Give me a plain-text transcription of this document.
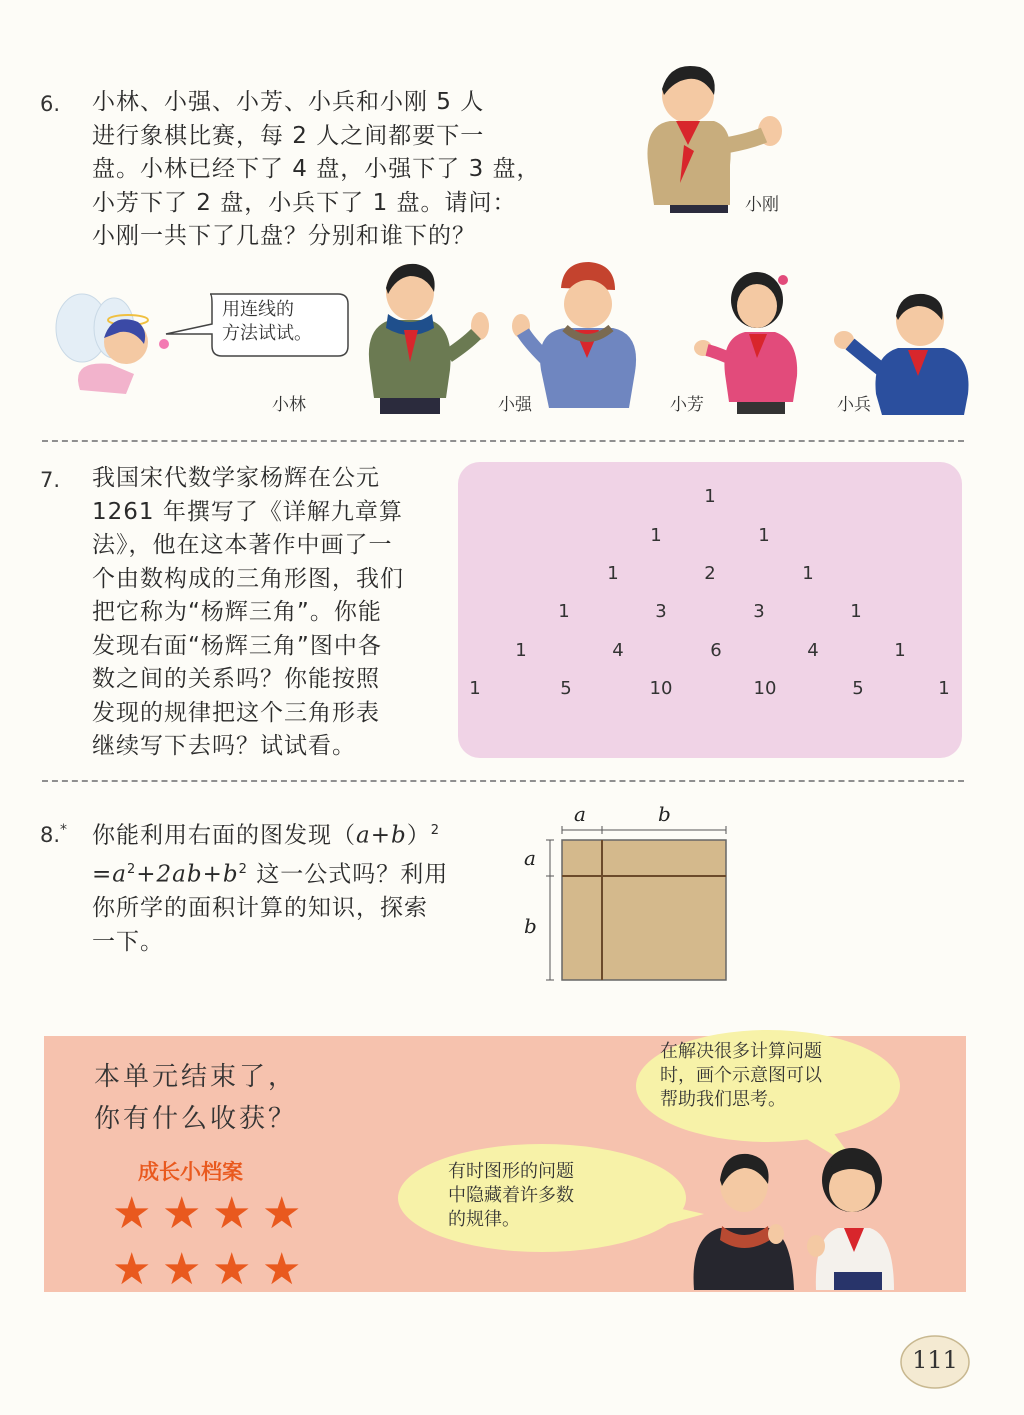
6. 小林、小强、小芳、小兵和小刚 5 人
进行象棋比赛，每 2 人之间都要下一
盘。小林已经下了 4 盘，小强下了 3 盘，
小芳下了 2 盘，小兵下了 1 盘。请问：
小刚一共下了几盘？分别和谁下的？
小刚
用连线的
方法试试。
小林	小强	小芳	小兵
7. 我国宋代数学家杨辉在公元
1261 年撰写了《详解九章算
法》，他在这本著作中画了一
个由数构成的三角形图，我们
把它称为“杨辉三角”。你能
发现右面“杨辉三角”图中各
数之间的关系吗？你能按照
发现的规律把这个三角形表
继续写下去吗？试试看。
1
1	1
1	2	1
1	3	3	1
1	4	6	4	1
1	5	10	10	5	1
8.* 你能利用右面的图发现$(a+b)^2$
$=a^2+2ab+b^2$ 这一公式吗？利用
你所学的面积计算的知识，探索
一下。
a	b
a
b
本单元结束了，
你有什么收获？
成长小档案
★ ★ ★ ★
★ ★ ★ ★
在解决很多计算问题
时，画个示意图可以
帮助我们思考。
有时图形的问题
中隐藏着许多数
的规律。
111
